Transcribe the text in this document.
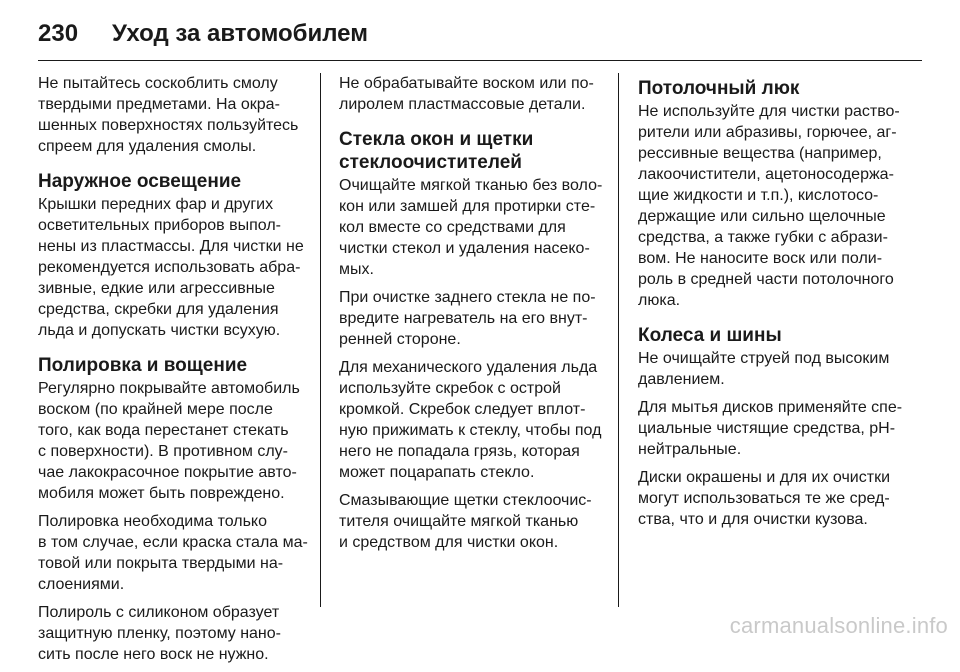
230 Уход за автомобилем

Не пытайтесь соскоблить смолу
твердыми предметами. На окра-
шенных поверхностях пользуйтесь
спреем для удаления смолы.

Наружное освещение

Крышки передних фар и других
осветительных приборов выпол-
нены из пластмассы. Для чистки не
рекомендуется использовать абра-
зивные, едкие или агрессивные
средства, скребки для удаления
льда и допускать чистки всухую.

Полировка и вощение

Регулярно покрывайте автомобиль
воском (по крайней мере после
того, как вода перестанет стекать
с поверхности). В противном слу-
чае лакокрасочное покрытие авто-
мобиля может быть повреждено.

Полировка необходима только
в том случае, если краска стала ма-
товой или покрыта твердыми на-
слоениями.

Полироль с силиконом образует
защитную пленку, поэтому нано-
сить после него воск не нужно.

Не обрабатывайте воском или по-
лиролем пластмассовые детали.

Стекла окон и щетки
стеклоочистителей

Очищайте мягкой тканью без воло-
кон или замшей для протирки сте-
кол вместе со средствами для
чистки стекол и удаления насеко-
мых.

При очистке заднего стекла не по-
вредите нагреватель на его внут-
ренней стороне.

Для механического удаления льда
используйте скребок с острой
кромкой. Скребок следует вплот-
ную прижимать к стеклу, чтобы под
него не попадала грязь, которая
может поцарапать стекло.

Смазывающие щетки стеклоочис-
тителя очищайте мягкой тканью
и средством для чистки окон.

Потолочный люк

Не используйте для чистки раство-
рители или абразивы, горючее, аг-
рессивные вещества (например,
лакоочистители, ацетоносодержа-
щие жидкости и т.п.), кислотосо-
держащие или сильно щелочные
средства, а также губки с абрази-
вом. Не наносите воск или поли-
роль в средней части потолочного
люка.

Колеса и шины

Не очищайте струей под высоким
давлением.

Для мытья дисков применяйте спе-
циальные чистящие средства, рН-
нейтральные.

Диски окрашены и для их очистки
могут использоваться те же сред-
ства, что и для очистки кузова.

carmanualsonline.info
